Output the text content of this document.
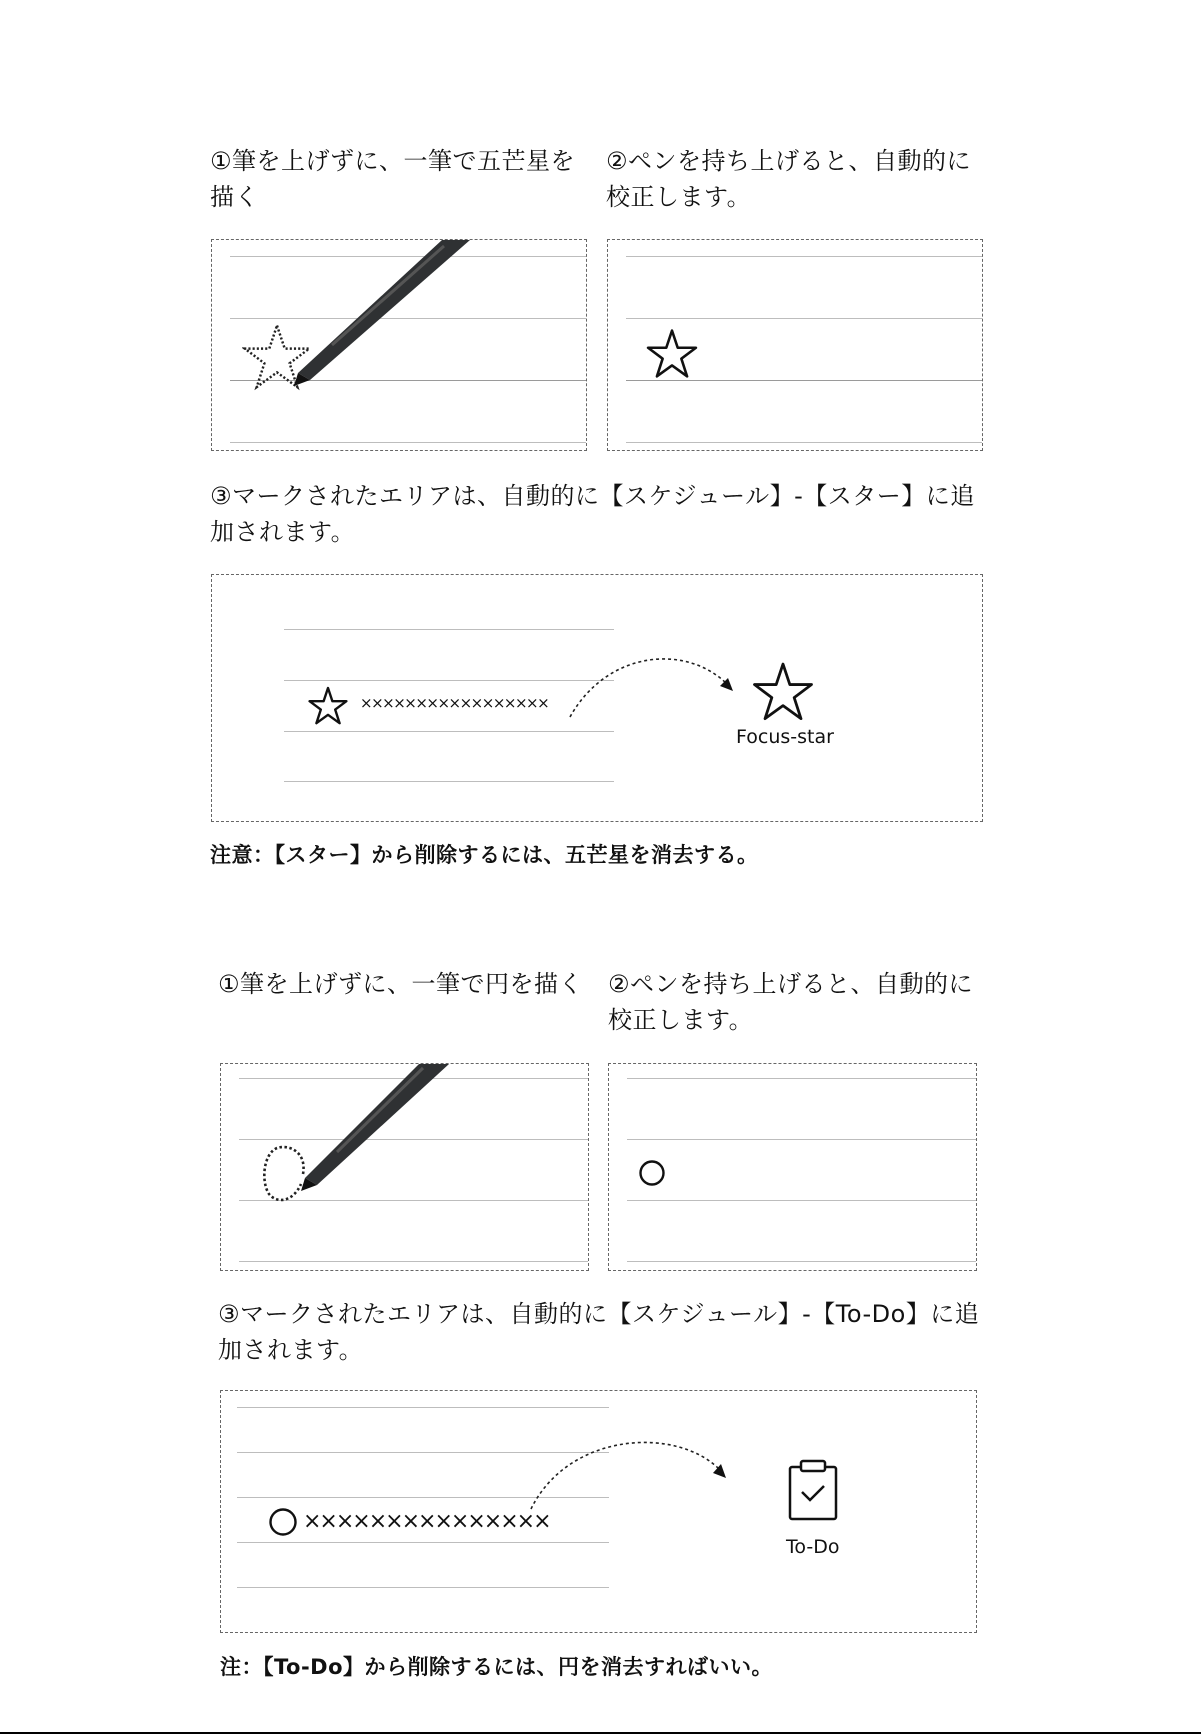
①筆を上げずに、一筆で五芒星を描く

②ペンを持ち上げると、自動的に校正します。

③マークされたエリアは、自動的に【スケジュール】-【スター】に追加されます。

×××××××××××××××××
Focus-star

注意：【スター】から削除するには、五芒星を消去する。

①筆を上げずに、一筆で円を描く	②ペンを持ち上げると、自動的に校正します。

③マークされたエリアは、自動的に【スケジュール】-【To-Do】に追加されます。

×××××××××××××××
To-Do

注：【To-Do】から削除するには、円を消去すればいい。
